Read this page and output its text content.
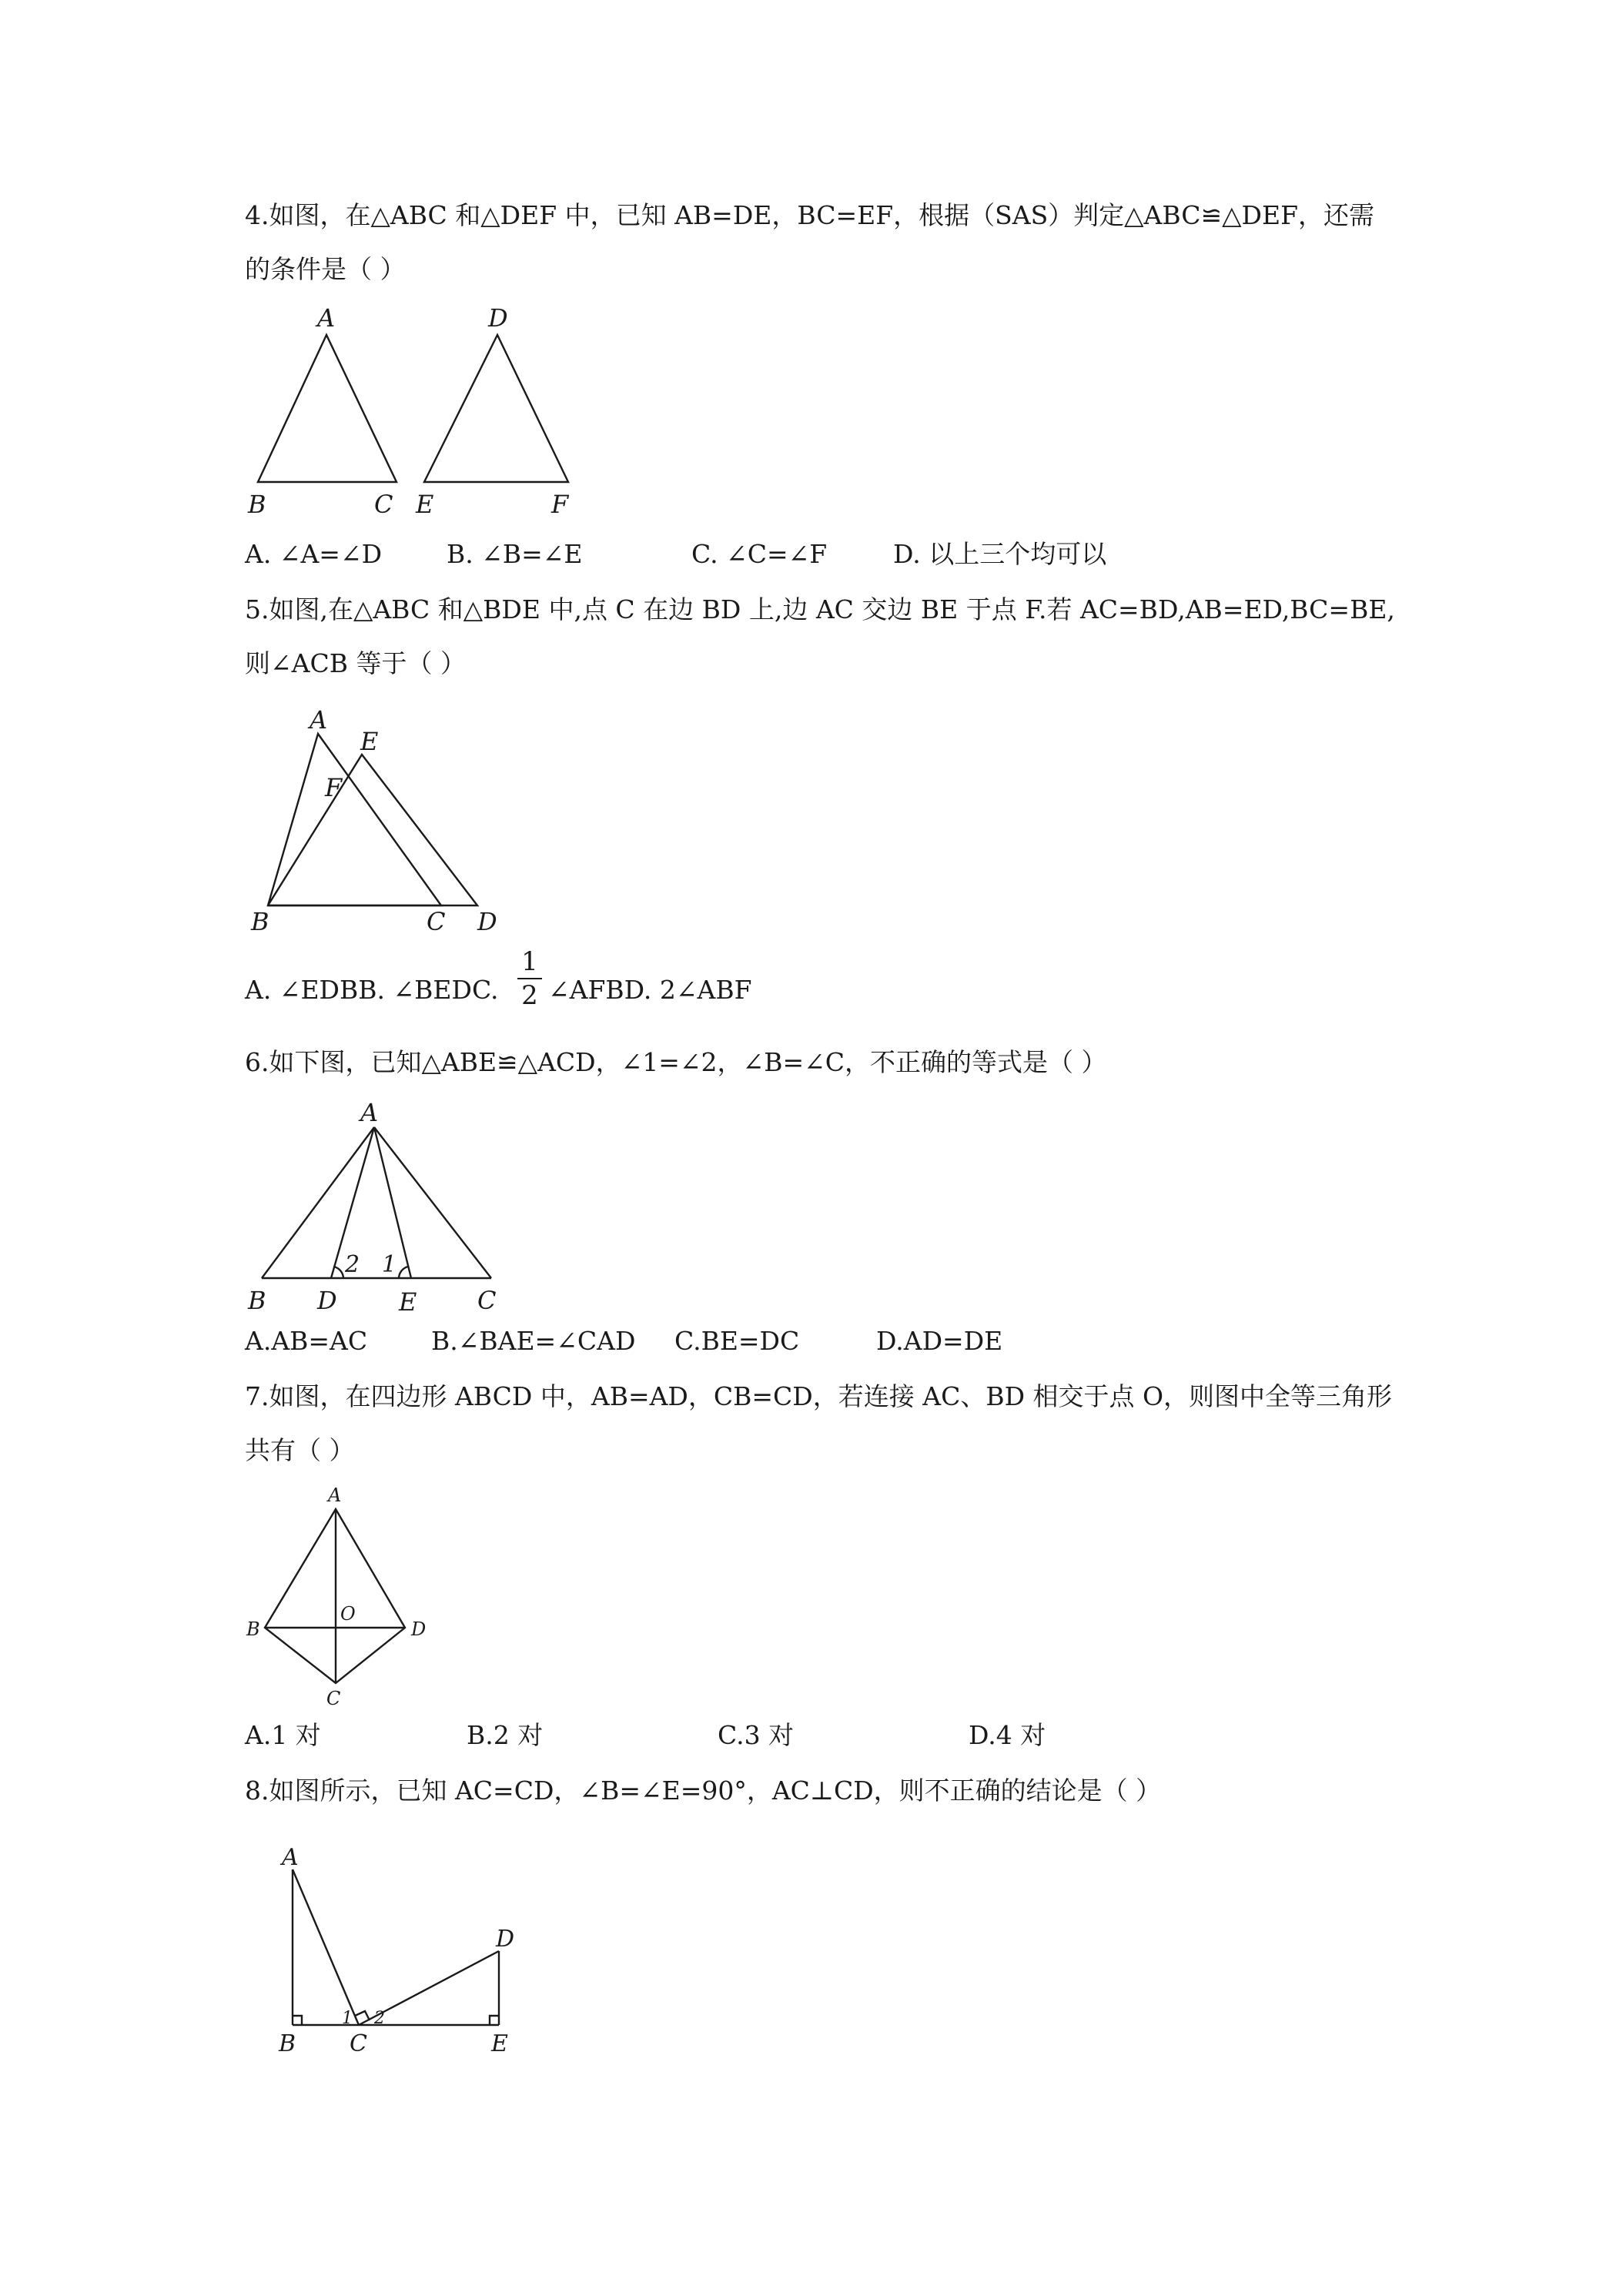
4.如图，在△ABC 和△DEF 中，已知 AB=DE，BC=EF，根据（SAS）判定△ABC≌△DEF，还需
的条件是（ ）
A
B	C
D
E	F
A. ∠A=∠D	B. ∠B=∠E	C. ∠C=∠F	D. 以上三个均可以
5.如图,在△ABC 和△BDE 中,点 C 在边 BD 上,边 AC 交边 BE 于点 F.若 AC=BD,AB=ED,BC=BE,
则∠ACB 等于（ ）
A
E
F
B	C D
A. ∠EDBB. ∠BEDC.
1
2 ∠AFBD. 2∠ABF
6.如下图，已知△ABE≌△ACD，∠1=∠2，∠B=∠C，不正确的等式是（ ）
A
2 1
B D	E C
A.AB=AC	B.∠BAE=∠CAD C.BE=DC	D.AD=DE
7.如图，在四边形 ABCD 中，AB=AD，CB=CD，若连接 AC、BD 相交于点 O，则图中全等三角形
共有（ ）
A
B
O
D
C
A.1 对	B.2 对	C.3 对	D.4 对
8.如图所示，已知 AC=CD，∠B=∠E=90°，AC⊥CD，则不正确的结论是（ ）
A
D
1 2
B C	E
